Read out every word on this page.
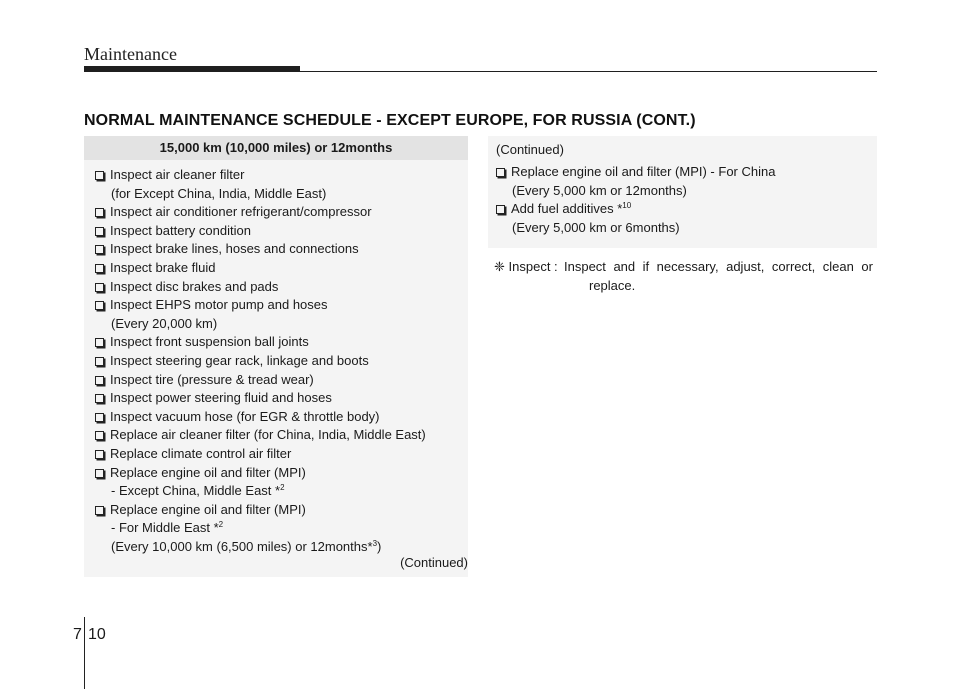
Maintenance
NORMAL MAINTENANCE SCHEDULE - EXCEPT EUROPE, FOR RUSSIA (CONT.)
15,000 km (10,000 miles) or 12months
Inspect air cleaner filter
(for Except China, India, Middle East)
Inspect air conditioner refrigerant/compressor
Inspect battery condition
Inspect brake lines, hoses and connections
Inspect brake fluid
Inspect disc brakes and pads
Inspect EHPS motor pump and hoses
(Every 20,000 km)
Inspect front suspension ball joints
Inspect steering gear rack, linkage and boots
Inspect tire (pressure & tread wear)
Inspect power steering fluid and hoses
Inspect vacuum hose (for EGR & throttle body)
Replace air cleaner filter (for China, India, Middle East)
Replace climate control air filter
Replace engine oil and filter (MPI)
- Except China, Middle East *$^2$
Replace engine oil and filter (MPI)
- For Middle East *$^2$
(Every 10,000 km (6,500 miles) or 12months*$^3$)
(Continued)
(Continued)
Replace engine oil and filter (MPI) - For China
(Every 5,000 km or 12months)
Add fuel additives *$^{10}$
(Every 5,000 km or 6months)
❈ Inspect : Inspect and if necessary, adjust, correct, clean or
replace.
7 10
